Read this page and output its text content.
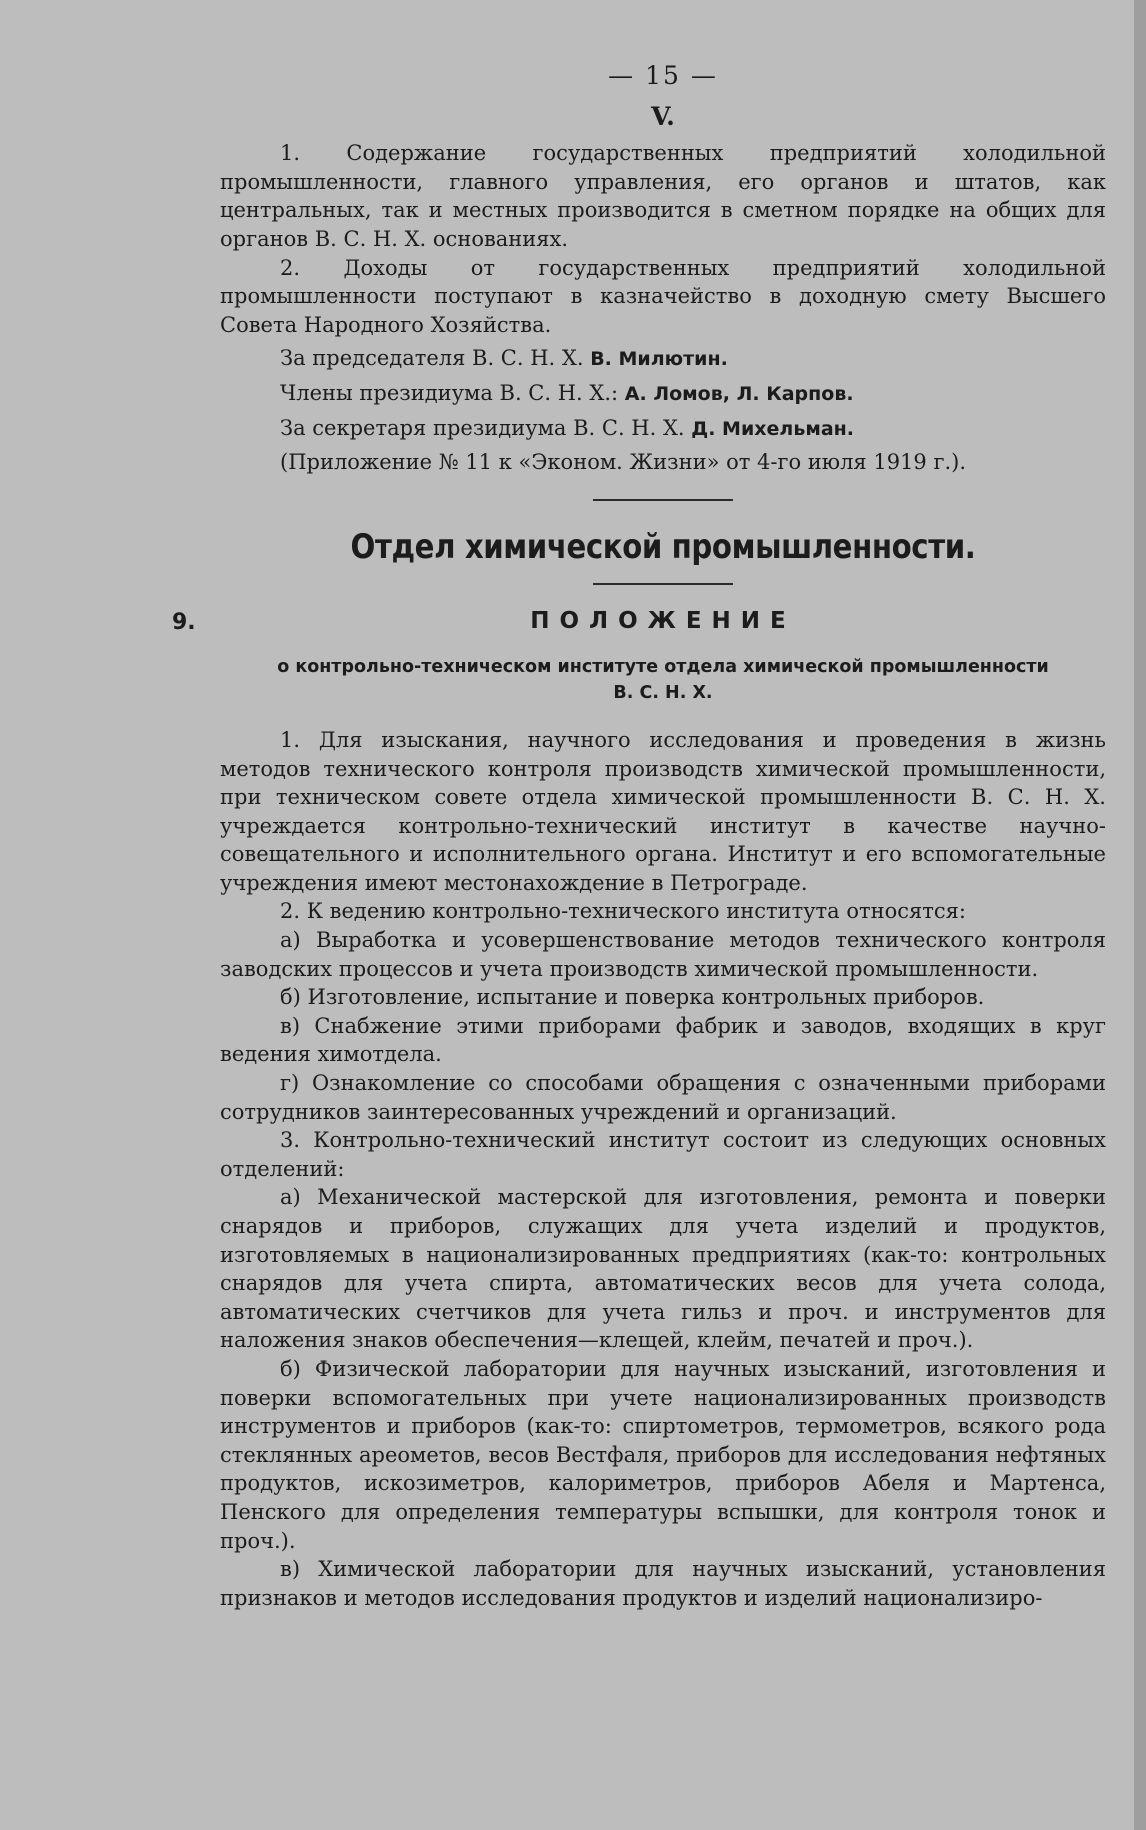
— 15 —
V.

1. Содержание государственных предприятий холодильной промышленности, главного управления, его органов и штатов, как центральных, так и местных производится в сметном порядке на общих для органов В. С. Н. Х. основаниях.

2. Доходы от государственных предприятий холодильной промышленности поступают в казначейство в доходную смету Высшего Совета Народного Хозяйства.

За председателя В. С. Н. Х. В. Милютин.

Члены президиума В. С. Н. Х.: А. Ломов, Л. Карпов.

За секретаря президиума В. С. Н. Х. Д. Михельман.

(Приложение № 11 к «Эконом. Жизни» от 4-го июля 1919 г.).

Отдел химической промышленности.
9.	ПОЛОЖЕНИЕ
о контрольно-техническом институте отдела химической промышленности
В. С. Н. Х.

1. Для изыскания, научного исследования и проведения в жизнь методов технического контроля производств химической промышленности, при техническом совете отдела химической промышленности В. С. Н. Х. учреждается контрольно-технический институт в качестве научно-совещательного и исполнительного органа. Институт и его вспомогательные учреждения имеют местонахождение в Петрограде.

2. К ведению контрольно-технического института относятся:

а) Выработка и усовершенствование методов технического контроля заводских процессов и учета производств химической промышленности.

б) Изготовление, испытание и поверка контрольных приборов.

в) Снабжение этими приборами фабрик и заводов, входящих в круг ведения химотдела.

г) Ознакомление со способами обращения с означенными приборами сотрудников заинтересованных учреждений и организаций.

3. Контрольно-технический институт состоит из следующих основных отделений:

а) Механической мастерской для изготовления, ремонта и поверки снарядов и приборов, служащих для учета изделий и продуктов, изготовляемых в национализированных предприятиях (как-то: контрольных снарядов для учета спирта, автоматических весов для учета солода, автоматических счетчиков для учета гильз и проч. и инструментов для наложения знаков обеспечения—клещей, клейм, печатей и проч.).

б) Физической лаборатории для научных изысканий, изготовления и поверки вспомогательных при учете национализированных производств инструментов и приборов (как-то: спиртометров, термометров, всякого рода стеклянных ареометов, весов Вестфаля, приборов для исследования нефтяных продуктов, искозиметров, калориметров, приборов Абеля и Мартенса, Пенского для определения температуры вспышки, для контроля тонок и проч.).

в) Химической лаборатории для научных изысканий, установления признаков и методов исследования продуктов и изделий национализиро-
